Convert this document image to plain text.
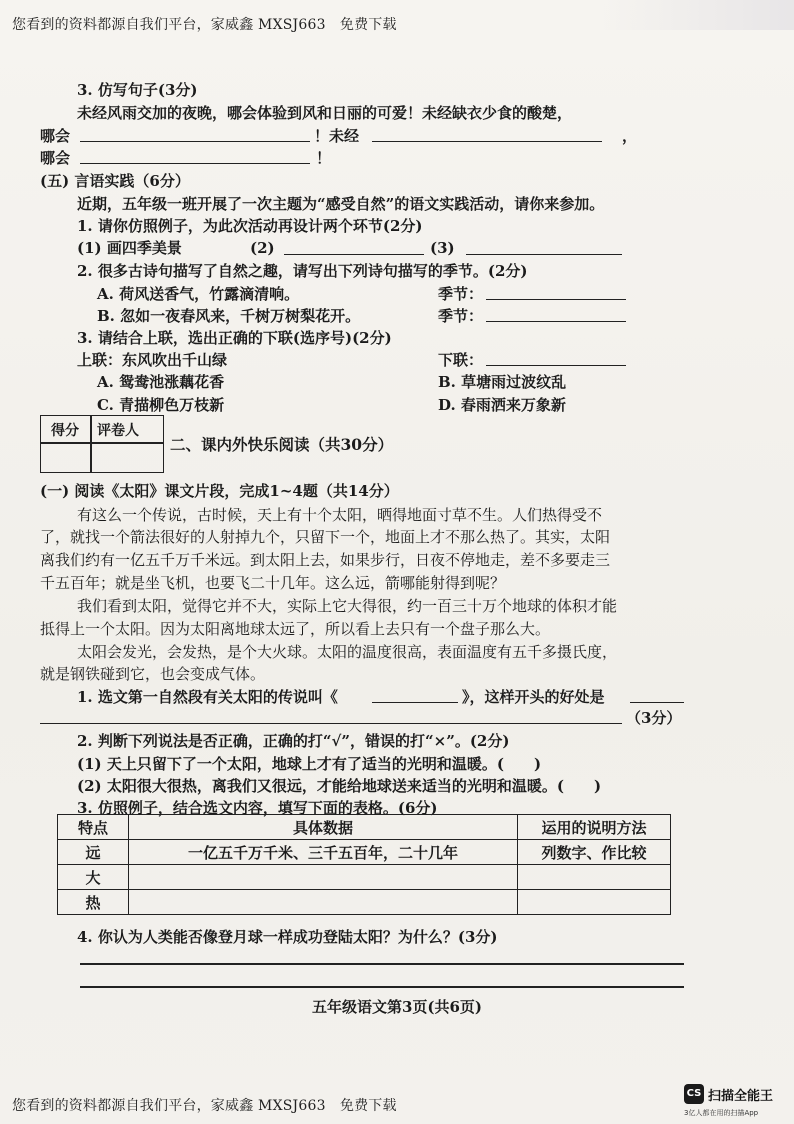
您看到的资料都源自我们平台，家威鑫 MXSJ663　免费下载
3. 仿写句子(3分)
未经风雨交加的夜晚，哪会体验到风和日丽的可爱！未经缺衣少食的酸楚，
哪会	！未经	，
哪会	！
(五) 言语实践（6分）
近期，五年级一班开展了一次主题为“感受自然”的语文实践活动，请你来参加。
1. 请你仿照例子，为此次活动再设计两个环节(2分)
(1) 画四季美景	(2)	(3)
2. 很多古诗句描写了自然之趣，请写出下列诗句描写的季节。(2分)
A. 荷风送香气，竹露滴清响。	季节：
B. 忽如一夜春风来，千树万树梨花开。	季节：
3. 请结合上联，选出正确的下联(选序号)(2分)
上联：东风吹出千山绿	下联：
A. 鸳鸯池涨藕花香	B. 草塘雨过波纹乱
C. 青描柳色万枝新	D. 春雨洒来万象新
得分 评卷人
二、课内外快乐阅读（共30分）
(一) 阅读《太阳》课文片段，完成1~4题（共14分）
有这么一个传说，古时候，天上有十个太阳，晒得地面寸草不生。人们热得受不
了，就找一个箭法很好的人射掉九个，只留下一个，地面上才不那么热了。其实，太阳
离我们约有一亿五千万千米远。到太阳上去，如果步行，日夜不停地走，差不多要走三
千五百年；就是坐飞机，也要飞二十几年。这么远，箭哪能射得到呢？
我们看到太阳，觉得它并不大，实际上它大得很，约一百三十万个地球的体积才能
抵得上一个太阳。因为太阳离地球太远了，所以看上去只有一个盘子那么大。
太阳会发光，会发热，是个大火球。太阳的温度很高，表面温度有五千多摄氏度，
就是钢铁碰到它，也会变成气体。
1. 选文第一自然段有关太阳的传说叫《	》，这样开头的好处是
（3分）
2. 判断下列说法是否正确，正确的打“√”，错误的打“×”。(2分)
(1) 天上只留下了一个太阳，地球上才有了适当的光明和温暖。(　　)
(2) 太阳很大很热，离我们又很远，才能给地球送来适当的光明和温暖。(　　)
3. 仿照例子，结合选文内容，填写下面的表格。(6分)
特点	具体数据	运用的说明方法
远	一亿五千万千米、三千五百年，二十几年	列数字、作比较
大		
热		
4. 你认为人类能否像登月球一样成功登陆太阳？为什么？(3分)
五年级语文第3页(共6页)
您看到的资料都源自我们平台，家威鑫 MXSJ663　免费下载
CS 扫描全能王
3亿人都在用的扫描App
